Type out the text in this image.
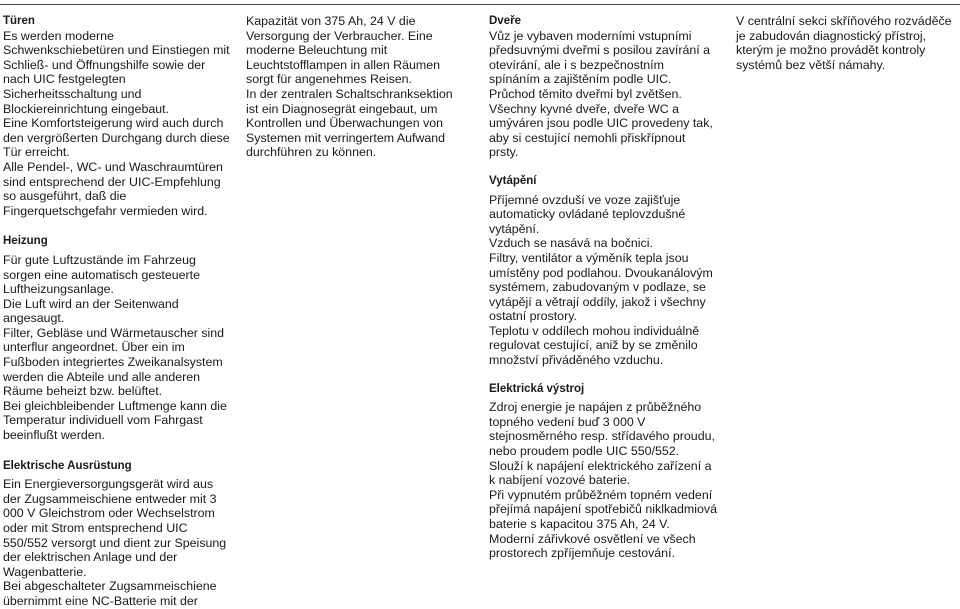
Türen
Es werden moderne Schwenkschiebetüren und Einstiegen mit Schließ- und Öffnungshilfe sowie der nach UIC festgelegten Sicherheitsschaltung und Blockiereinrichtung eingebaut.
Eine Komfortsteigerung wird auch durch den vergrößerten Durchgang durch diese Tür erreicht.
Alle Pendel-, WC- und Waschraumtüren sind entsprechend der UIC-Empfehlung so ausgeführt, daß die Fingerquetschgefahr vermieden wird.
Heizung
Für gute Luftzustände im Fahrzeug sorgen eine automatisch gesteuerte Luftheizungsanlage.
Die Luft wird an der Seitenwand angesaugt.
Filter, Gebläse und Wärmetauscher sind unterflur angeordnet. Über ein im Fußboden integriertes Zweikanalsystem werden die Abteile und alle anderen Räume beheizt bzw. belüftet.
Bei gleichbleibender Luftmenge kann die Temperatur individuell vom Fahrgast beeinflußt werden.
Elektrische Ausrüstung
Ein Energieversorgungsgerät wird aus der Zugsammeischiene entweder mit 3 000 V Gleichstrom oder Wechselstrom oder mit Strom entsprechend UIC 550/552 versorgt und dient zur Speisung der elektrischen Anlage und der Wagenbatterie.
Bei abgeschalteter Zugsammeischiene übernimmt eine NC-Batterie mit der
Kapazität von 375 Ah, 24 V die Versorgung der Verbraucher. Eine moderne Beleuchtung mit Leuchtstofflampen in allen Räumen sorgt für angenehmes Reisen.
In der zentralen Schaltschranksektion ist ein Diagnosegrät eingebaut, um Kontrollen und Überwachungen von Systemen mit verringertem Aufwand durchführen zu können.
Dveře
Vůz je vybaven moderními vstupními předsuvnými dveřmi s posilou zavírání a otevírání, ale i s bezpečnostním spínáním a zajištěním podle UIC. Průchod těmito dveřmi byl zvětšen.
Všechny kyvné dveře, dveře WC a umýváren jsou podle UIC provedeny tak, aby si cestující nemohli přiskřípnout prsty.
Vytápění
Příjemné ovzduší ve voze zajišťuje automaticky ovládané teplovzdušné vytápění.
Vzduch se nasává na bočnici.
Filtry, ventilátor a výměník tepla jsou umístěny pod podlahou. Dvoukanálovým systémem, zabudovaným v podlaze, se vytápějí a větrají oddíly, jakož i všechny ostatní prostory.
Teplotu v oddílech mohou individuálně regulovat cestující, aniž by se změnilo množství přiváděného vzduchu.
Elektrická výstroj
Zdroj energie je napájen z průběžného topného vedení buď 3 000 V stejnosměrného resp. střídavého proudu, nebo proudem podle UIC 550/552.
Slouží k napájení elektrického zařízení a k nabíjení vozové baterie.
Při vypnutém průběžném topném vedení přejímá napájení spotřebičů niklkadmiová baterie s kapacitou 375 Ah, 24 V. Moderní zářivkové osvětlení ve všech prostorech zpříjemňuje cestování.
V centrální sekci skříňového rozváděče je zabudován diagnostický přístroj, kterým je možno provádět kontroly systémů bez větší námahy.
